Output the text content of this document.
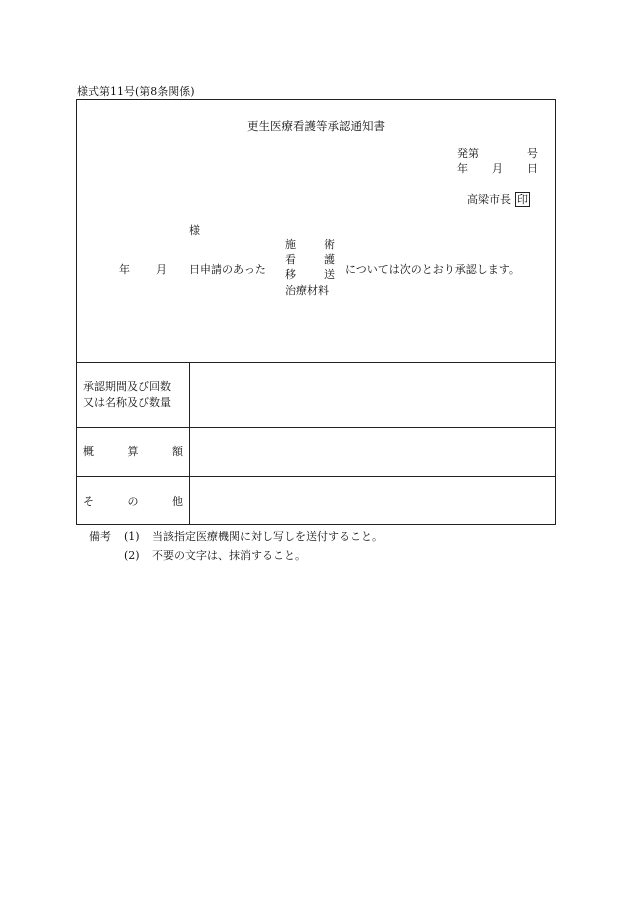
様式第11号(第8条関係)
更生医療看護等承認通知書
発第	号
年 月 日
高梁市長 印
様
年 月 日申請のあった
施	術
看	護
移	送
治療材料
については次のとおり承認します。
承認期間及び回数
又は名称及び数量
概	算	額
そ	の	他
備考 (1) 当該指定医療機関に対し写しを送付すること。
(2) 不要の文字は、抹消すること。
